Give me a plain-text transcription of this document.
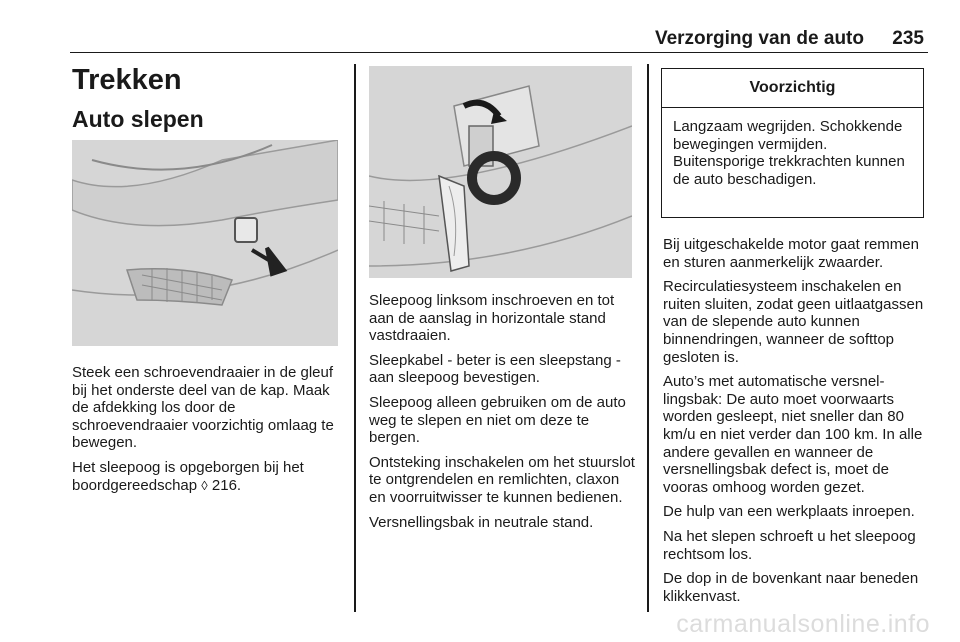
Verzorging van de auto 235
Trekken
Auto slepen

Steek een schroevendraaier in de gleuf bij het onderste deel van de kap. Maak de afdekking los door de schroevendraaier voorzichtig omlaag te bewegen.

Het sleepoog is opgeborgen bij het boordgereedschap ◊ 216.

Sleepoog linksom inschroeven en tot aan de aanslag in horizontale stand vastdraaien.

Sleepkabel - beter is een sleepstang - aan sleepoog bevestigen.

Sleepoog alleen gebruiken om de auto weg te slepen en niet om deze te bergen.

Ontsteking inschakelen om het stuurslot te ontgrendelen en remlichten, claxon en voorruitwisser te kunnen bedienen.

Versnellingsbak in neutrale stand.

Voorzichtig
Langzaam wegrijden. Schokkende bewegingen vermijden. Buitensporige trekkrachten kunnen de auto beschadigen.

Bij uitgeschakelde motor gaat remmen en sturen aanmerkelijk zwaarder.

Recirculatiesysteem inschakelen en ruiten sluiten, zodat geen uitlaatgassen van de slepende auto kunnen binnendringen, wanneer de softtop gesloten is.

Auto’s met automatische versnellingsbak: De auto moet voorwaarts worden gesleept, niet sneller dan 80 km/u en niet verder dan 100 km. In alle andere gevallen en wanneer de versnellingsbak defect is, moet de vooras omhoog worden gezet.

De hulp van een werkplaats inroepen.

Na het slepen schroeft u het sleepoog rechtsom los.

De dop in de bovenkant naar beneden klikkenvast.

carmanualsonline.info
